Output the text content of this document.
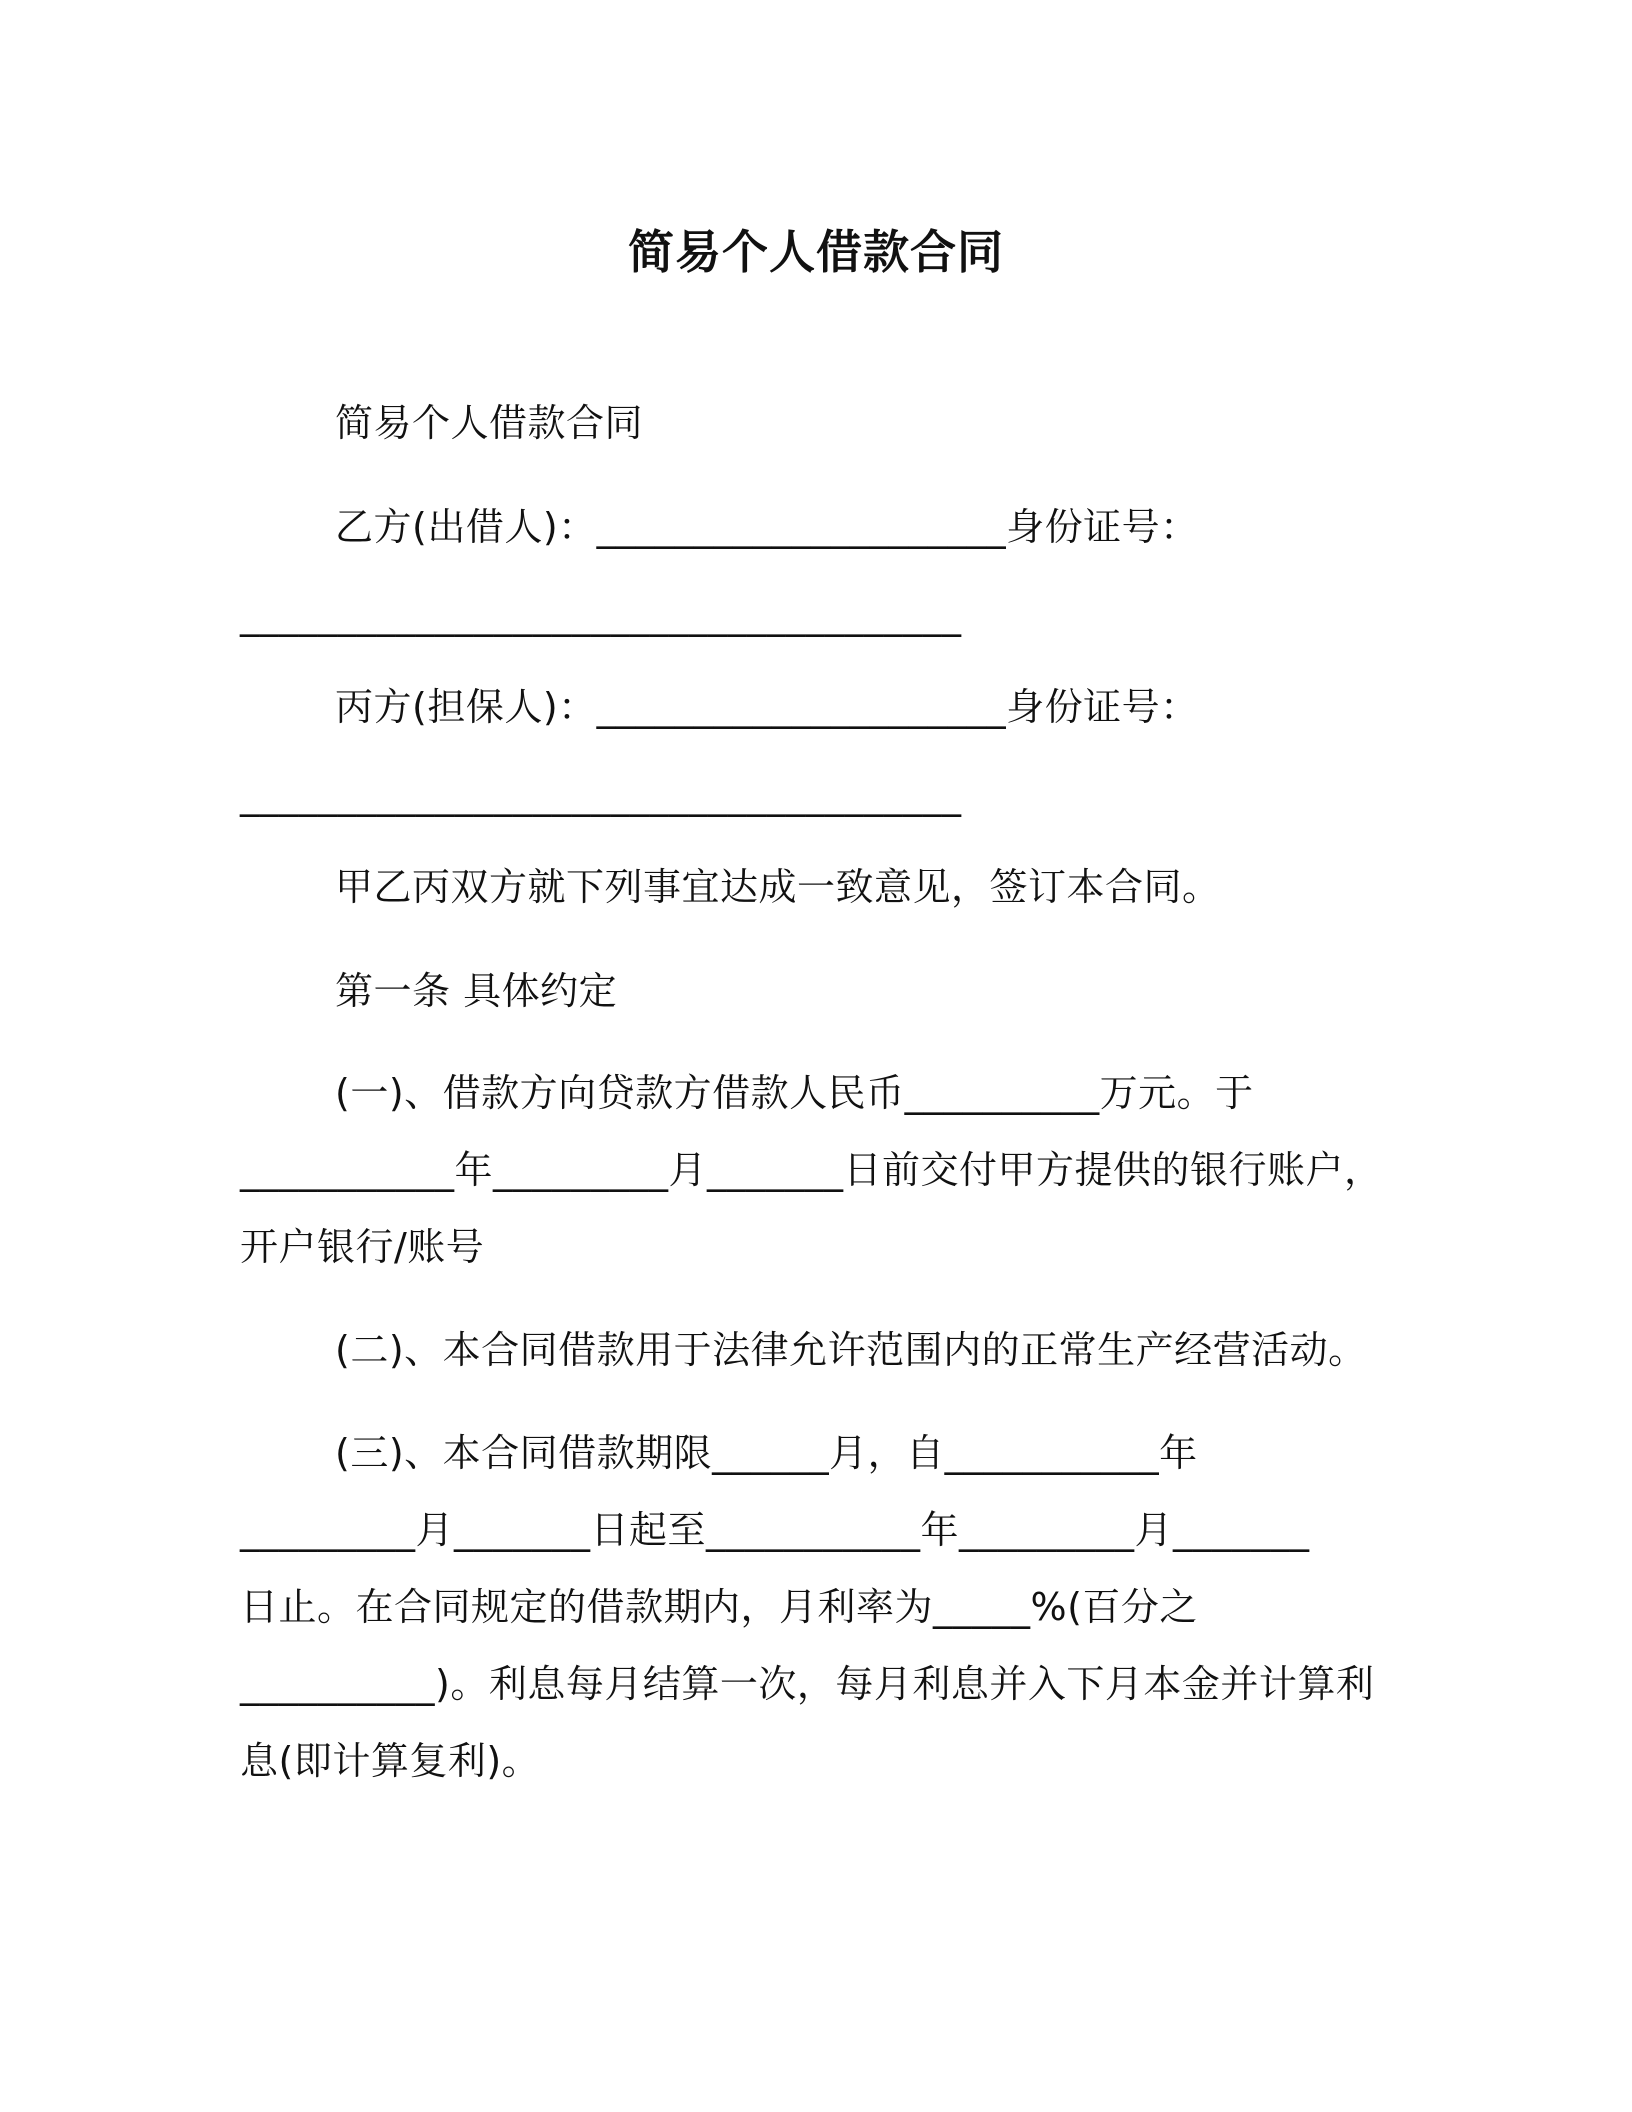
简易个人借款合同
简易个人借款合同
乙方(出借人)：_____________________身份证号：
_____________________________________
丙方(担保人)：_____________________身份证号：
_____________________________________
甲乙丙双方就下列事宜达成一致意见，签订本合同。
第一条 具体约定
(一)、借款方向贷款方借款人民币__________万元。于
___________年_________月_______日前交付甲方提供的银行账户，
开户银行/账号
(二)、本合同借款用于法律允许范围内的正常生产经营活动。
(三)、本合同借款期限______月，自___________年
_________月_______日起至___________年_________月_______
日止。在合同规定的借款期内，月利率为_____%(百分之
__________)。利息每月结算一次，每月利息并入下月本金并计算利
息(即计算复利)。
